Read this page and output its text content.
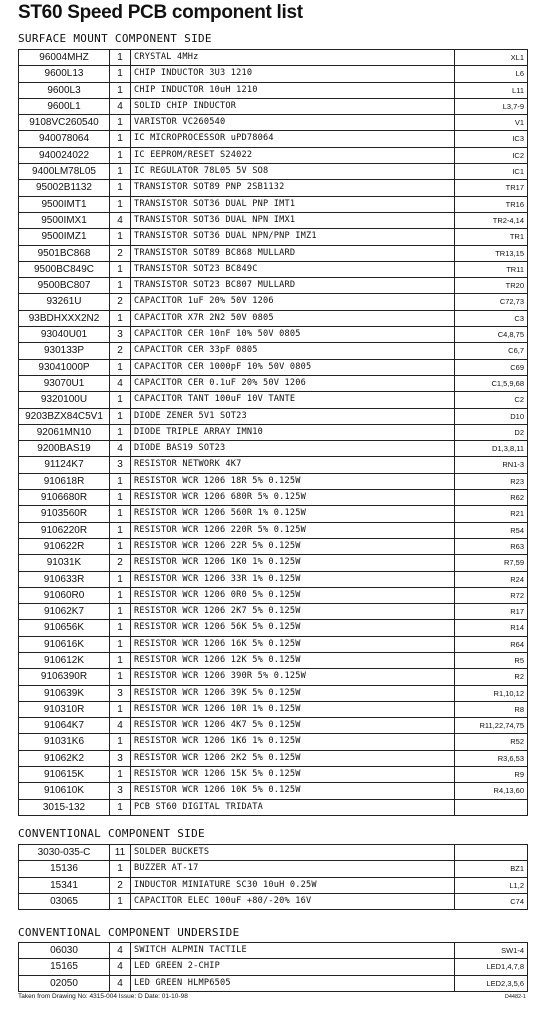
ST60 Speed PCB component list
SURFACE MOUNT COMPONENT SIDE
96004MHZ	1	CRYSTAL 4MHz	XL1
9600L13	1	CHIP INDUCTOR 3U3 1210	L6
9600L3	1	CHIP INDUCTOR 10uH 1210	L11
9600L1	4	SOLID CHIP INDUCTOR	L3,7-9
9108VC260540	1	VARISTOR VC260540	V1
940078064	1	IC MICROPROCESSOR uPD78064	IC3
940024022	1	IC EEPROM/RESET S24022	IC2
9400LM78L05	1	IC REGULATOR 78L05 5V SO8	IC1
95002B1132	1	TRANSISTOR SOT89 PNP 2SB1132	TR17
9500IMT1	1	TRANSISTOR SOT36 DUAL PNP IMT1	TR16
9500IMX1	4	TRANSISTOR SOT36 DUAL NPN IMX1	TR2-4,14
9500IMZ1	1	TRANSISTOR SOT36 DUAL NPN/PNP IMZ1	TR1
9501BC868	2	TRANSISTOR SOT89 BC868 MULLARD	TR13,15
9500BC849C	1	TRANSISTOR SOT23 BC849C	TR11
9500BC807	1	TRANSISTOR SOT23 BC807 MULLARD	TR20
93261U	2	CAPACITOR 1uF 20% 50V 1206	C72,73
93BDHXXX2N2	1	CAPACITOR X7R 2N2 50V 0805	C3
93040U01	3	CAPACITOR CER 10nF 10% 50V 0805	C4,8,75
930133P	2	CAPACITOR CER 33pF 0805	C6,7
93041000P	1	CAPACITOR CER 1000pF 10% 50V 0805	C69
93070U1	4	CAPACITOR CER 0.1uF 20% 50V 1206	C1,5,9,68
9320100U	1	CAPACITOR TANT 100uF 10V TANTE	C2
9203BZX84C5V1	1	DIODE ZENER 5V1 SOT23	D10
92061MN10	1	DIODE TRIPLE ARRAY IMN10	D2
9200BAS19	4	DIODE BAS19 SOT23	D1,3,8,11
91124K7	3	RESISTOR NETWORK 4K7	RN1-3
910618R	1	RESISTOR WCR 1206 18R 5% 0.125W	R23
9106680R	1	RESISTOR WCR 1206 680R 5% 0.125W	R62
9103560R	1	RESISTOR WCR 1206 560R 1% 0.125W	R21
9106220R	1	RESISTOR WCR 1206 220R 5% 0.125W	R54
910622R	1	RESISTOR WCR 1206 22R 5% 0.125W	R63
91031K	2	RESISTOR WCR 1206 1K0 1% 0.125W	R7,59
910633R	1	RESISTOR WCR 1206 33R 1% 0.125W	R24
91060R0	1	RESISTOR WCR 1206 0R0 5% 0.125W	R72
91062K7	1	RESISTOR WCR 1206 2K7 5% 0.125W	R17
910656K	1	RESISTOR WCR 1206 56K 5% 0.125W	R14
910616K	1	RESISTOR WCR 1206 16K 5% 0.125W	R64
910612K	1	RESISTOR WCR 1206 12K 5% 0.125W	R5
9106390R	1	RESISTOR WCR 1206 390R 5% 0.125W	R2
910639K	3	RESISTOR WCR 1206 39K 5% 0.125W	R1,10,12
910310R	1	RESISTOR WCR 1206 10R 1% 0.125W	R8
91064K7	4	RESISTOR WCR 1206 4K7 5% 0.125W	R11,22,74,75
91031K6	1	RESISTOR WCR 1206 1K6 1% 0.125W	R52
91062K2	3	RESISTOR WCR 1206 2K2 5% 0.125W	R3,6,53
910615K	1	RESISTOR WCR 1206 15K 5% 0.125W	R9
910610K	3	RESISTOR WCR 1206 10K 5% 0.125W	R4,13,60
3015-132	1	PCB ST60 DIGITAL TRIDATA	
CONVENTIONAL COMPONENT SIDE
3030-035-C	11	SOLDER BUCKETS	
15136	1	BUZZER AT-17	BZ1
15341	2	INDUCTOR MINIATURE SC30 10uH 0.25W	L1,2
03065	1	CAPACITOR ELEC 100uF +80/-20% 16V	C74
CONVENTIONAL COMPONENT UNDERSIDE
06030	4	SWITCH ALPMIN TACTILE	SW1-4
15165	4	LED GREEN 2-CHIP	LED1,4,7,8
02050	4	LED GREEN HLMP6505	LED2,3,5,6
Taken from Drawing No: 4315-004 Issue: D Date: 01-10-98	D4482-1
